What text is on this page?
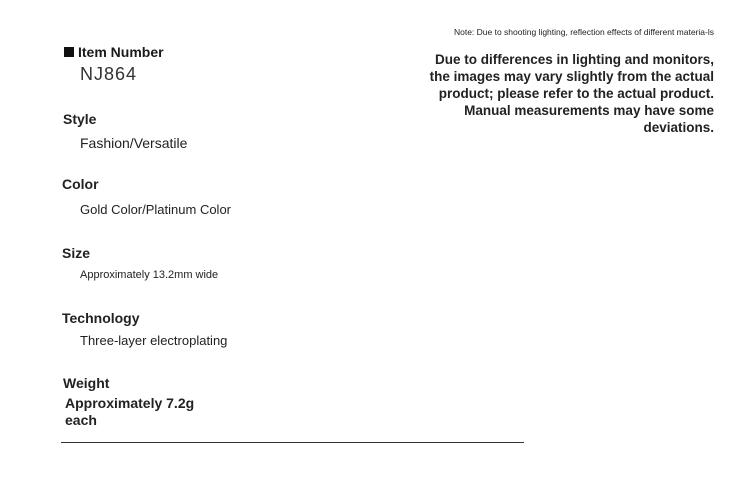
Item Number
NJ864
Note: Due to shooting lighting, reflection effects of different materia-ls
Due to differences in lighting and monitors, the images may vary slightly from the actual product; please refer to the actual product. Manual measurements may have some deviations.
Style
Fashion/Versatile
Color
Gold Color/Platinum Color
Size
Approximately 13.2mm wide
Technology
Three-layer electroplating
Weight
Approximately 7.2g each
